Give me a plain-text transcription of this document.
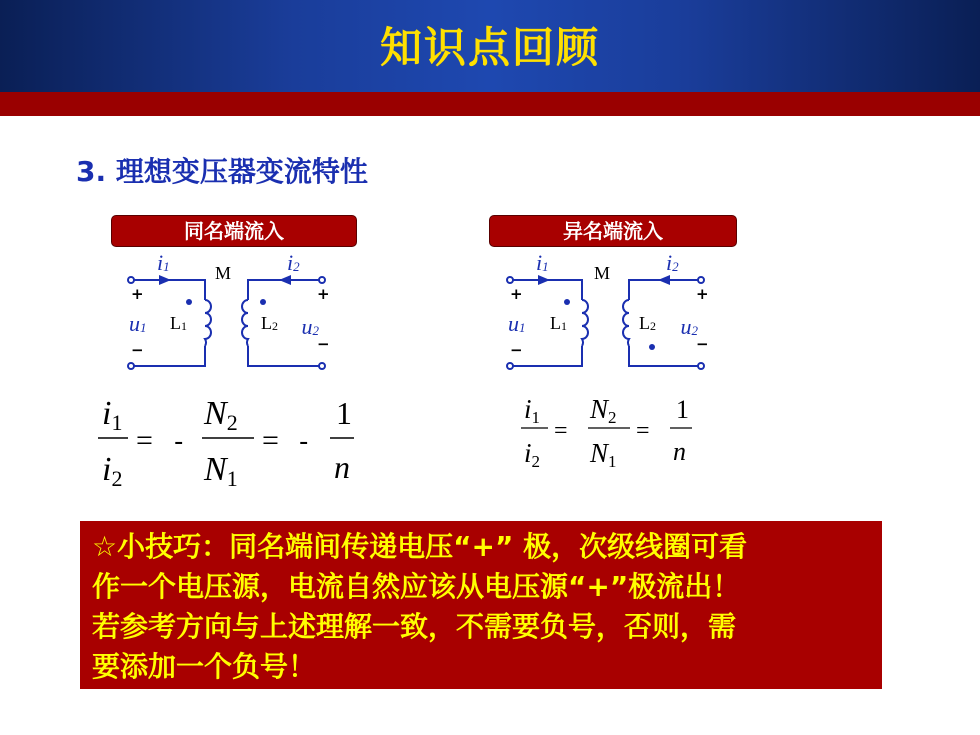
知识点回顾
3. 理想变压器变流特性
同名端流入	异名端流入
i1	i2
M
+	+
−	−
u1	u2
L1	L2
i1	i2
M
+	+
−	−
u1	u2
L1	L2
i1
i2
= -
N2
N1
= -
1
n
i1
i2
=
N2
N1
=
1
n
☆小技巧：同名端间传递电压“+” 极，次级线圈可看
作一个电压源，电流自然应该从电压源“+”极流出！
若参考方向与上述理解一致，不需要负号，否则，需
要添加一个负号！
